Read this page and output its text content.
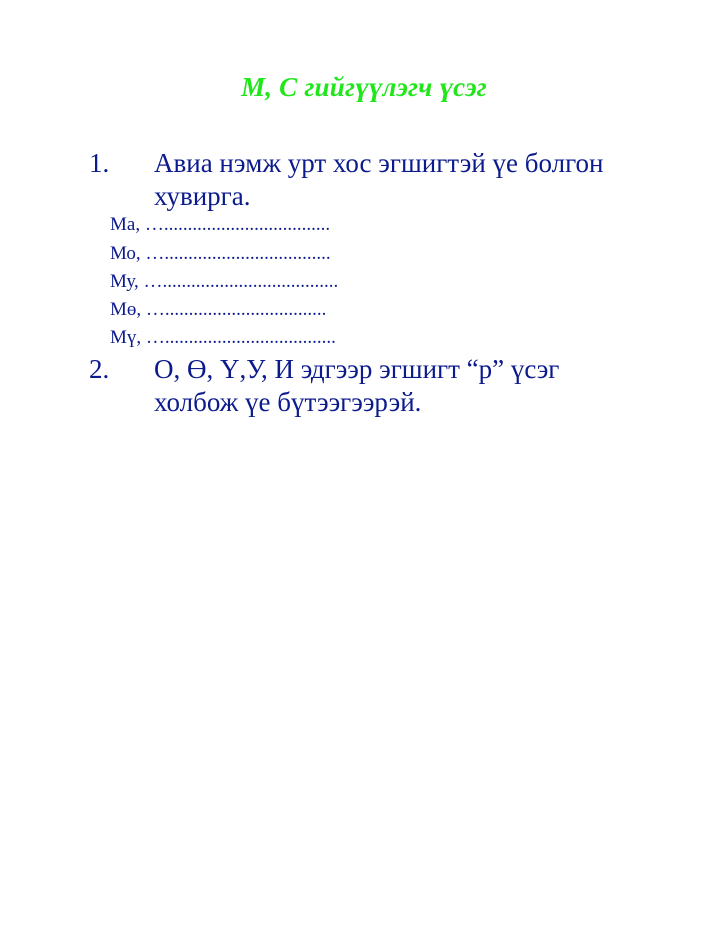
М, С гийгүүлэгч үсэг
1. Авиа нэмж урт хос эгшигтэй үе болгон
хувирга.
Ма, …...................................
Мо, …...................................
Му, ….....................................
Мө, …..................................
Мү, …....................................
2. О, Ө, Ү,У, И эдгээр эгшигт “р” үсэг
холбож үе бүтээгээрэй.
